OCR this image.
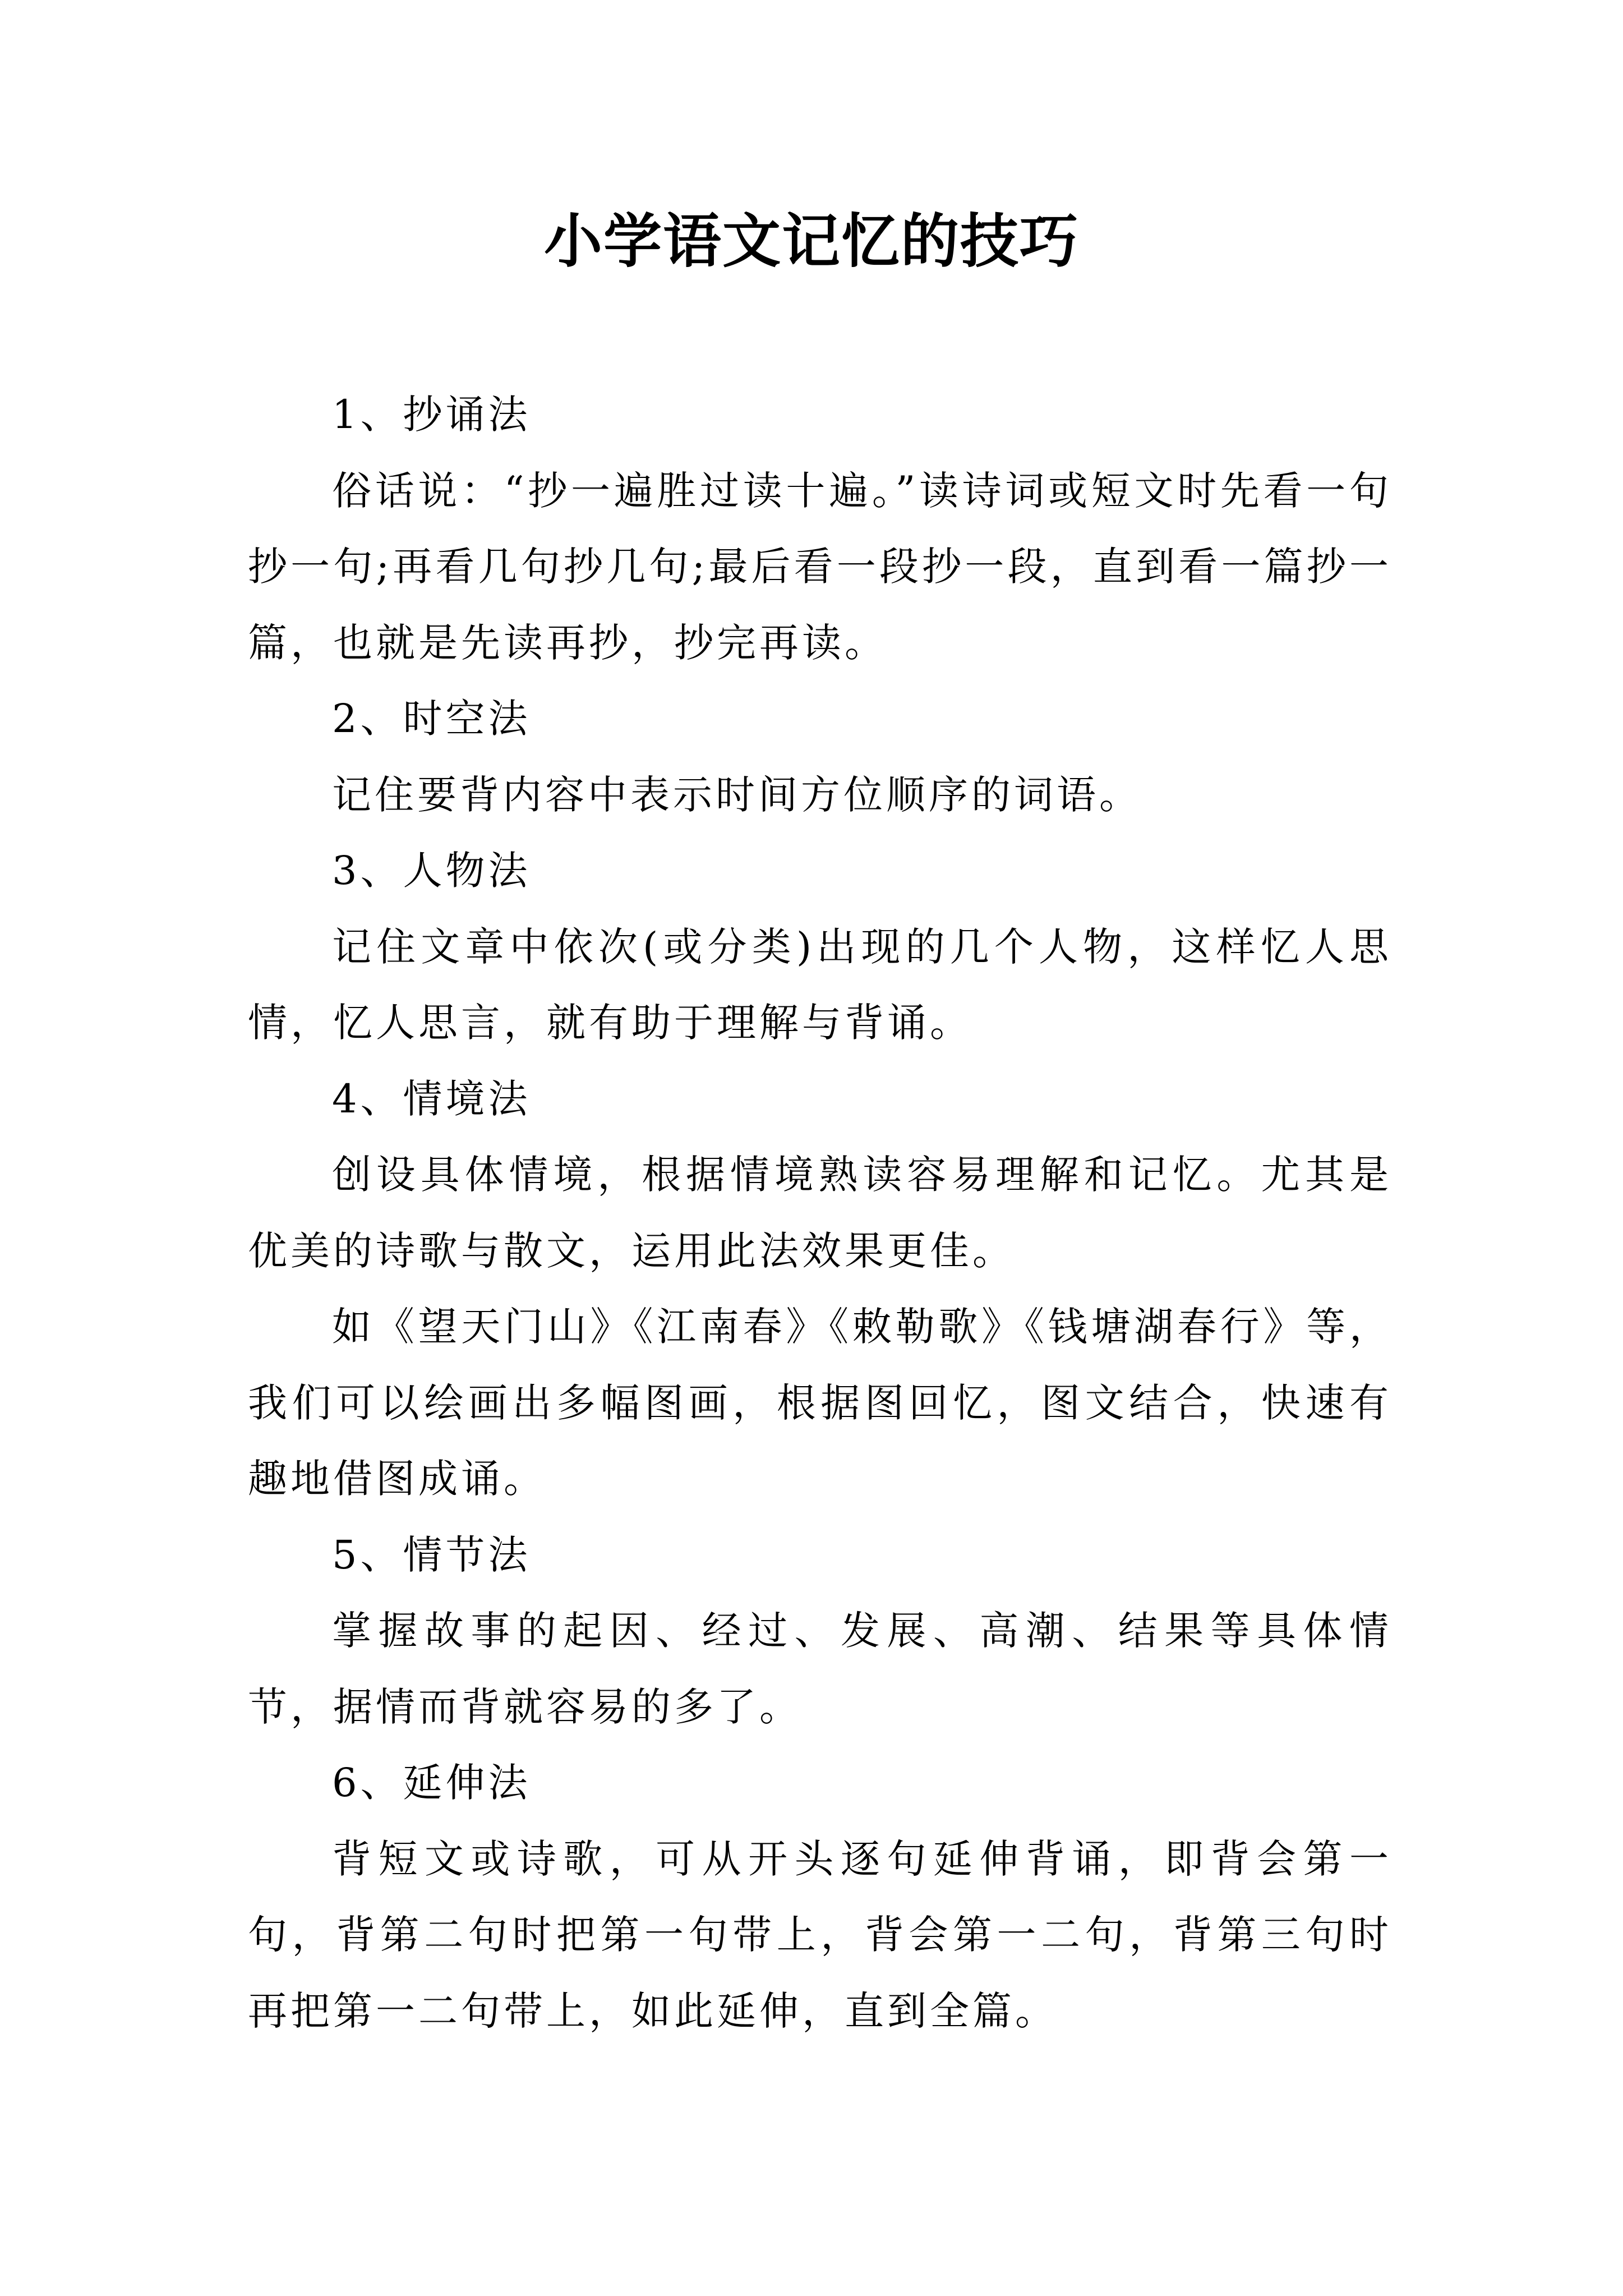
小学语文记忆的技巧

1、抄诵法

俗话说：“抄一遍胜过读十遍。”读诗词或短文时先看一句抄一句;再看几句抄几句;最后看一段抄一段，直到看一篇抄一篇，也就是先读再抄，抄完再读。

2、时空法

记住要背内容中表示时间方位顺序的词语。

3、人物法

记住文章中依次(或分类)出现的几个人物，这样忆人思情，忆人思言，就有助于理解与背诵。

4、情境法

创设具体情境，根据情境熟读容易理解和记忆。尤其是优美的诗歌与散文，运用此法效果更佳。

如《望天门山》《江南春》《敕勒歌》《钱塘湖春行》等，我们可以绘画出多幅图画，根据图回忆，图文结合，快速有趣地借图成诵。

5、情节法

掌握故事的起因、经过、发展、高潮、结果等具体情节，据情而背就容易的多了。

6、延伸法

背短文或诗歌，可从开头逐句延伸背诵，即背会第一句，背第二句时把第一句带上，背会第一二句，背第三句时再把第一二句带上，如此延伸，直到全篇。
